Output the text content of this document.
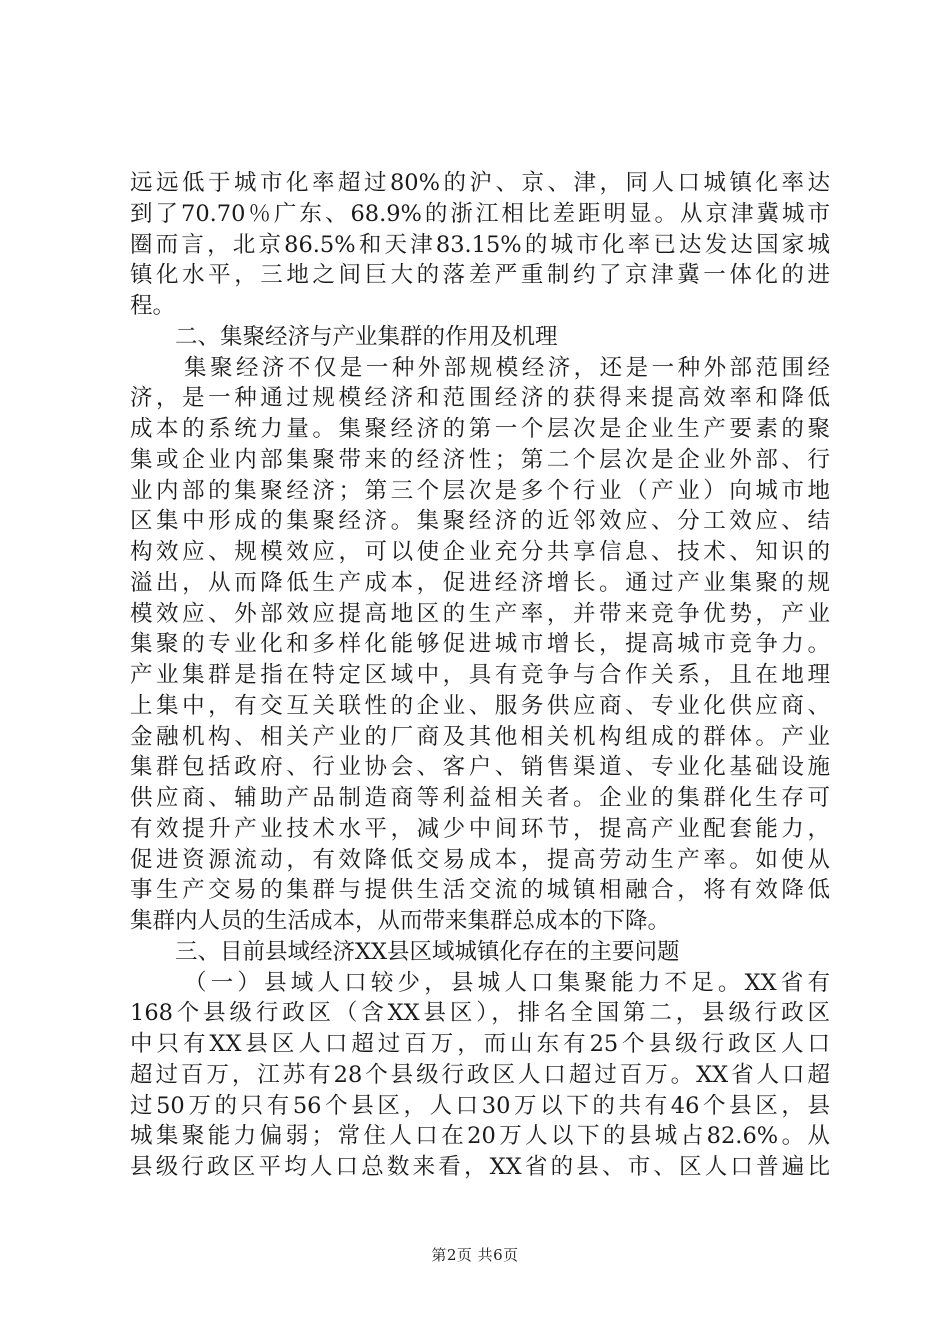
远远低于城市化率超过80%的沪、京、津，同人口城镇化率达
到了70.70％广东、68.9%的浙江相比差距明显。从京津冀城市
圈而言，北京86.5%和天津83.15%的城市化率已达发达国家城
镇化水平，三地之间巨大的落差严重制约了京津冀一体化的进
程。
二、集聚经济与产业集群的作用及机理
集聚经济不仅是一种外部规模经济，还是一种外部范围经
济，是一种通过规模经济和范围经济的获得来提高效率和降低
成本的系统力量。集聚经济的第一个层次是企业生产要素的聚
集或企业内部集聚带来的经济性；第二个层次是企业外部、行
业内部的集聚经济；第三个层次是多个行业（产业）向城市地
区集中形成的集聚经济。集聚经济的近邻效应、分工效应、结
构效应、规模效应，可以使企业充分共享信息、技术、知识的
溢出，从而降低生产成本，促进经济增长。通过产业集聚的规
模效应、外部效应提高地区的生产率，并带来竞争优势，产业
集聚的专业化和多样化能够促进城市增长，提高城市竞争力。
产业集群是指在特定区域中，具有竞争与合作关系，且在地理
上集中，有交互关联性的企业、服务供应商、专业化供应商、
金融机构、相关产业的厂商及其他相关机构组成的群体。产业
集群包括政府、行业协会、客户、销售渠道、专业化基础设施
供应商、辅助产品制造商等利益相关者。企业的集群化生存可
有效提升产业技术水平，减少中间环节，提高产业配套能力，
促进资源流动，有效降低交易成本，提高劳动生产率。如使从
事生产交易的集群与提供生活交流的城镇相融合，将有效降低
集群内人员的生活成本，从而带来集群总成本的下降。
三、目前县域经济XX县区域城镇化存在的主要问题
（一）县域人口较少，县城人口集聚能力不足。XX省有
168个县级行政区（含XX县区），排名全国第二，县级行政区
中只有XX县区人口超过百万，而山东有25个县级行政区人口
超过百万，江苏有28个县级行政区人口超过百万。XX省人口超
过50万的只有56个县区，人口30万以下的共有46个县区，县
城集聚能力偏弱；常住人口在20万人以下的县城占82.6%。从
县级行政区平均人口总数来看，XX省的县、市、区人口普遍比
第2页 共6页
